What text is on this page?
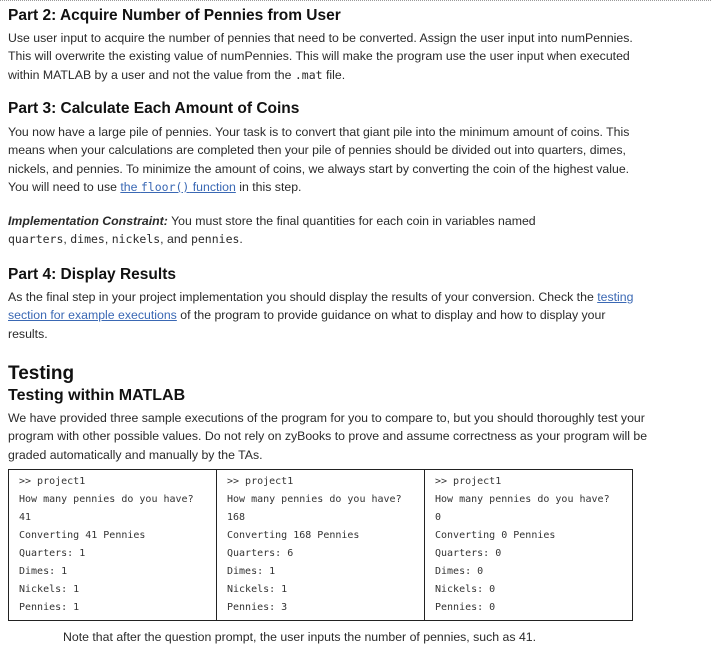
Part 2: Acquire Number of Pennies from User

Use user input to acquire the number of pennies that need to be converted. Assign the user input into numPennies. This will overwrite the existing value of numPennies. This will make the program use the user input when executed within MATLAB by a user and not the value from the .mat file.

Part 3: Calculate Each Amount of Coins

You now have a large pile of pennies. Your task is to convert that giant pile into the minimum amount of coins. This means when your calculations are completed then your pile of pennies should be divided out into quarters, dimes, nickels, and pennies. To minimize the amount of coins, we always start by converting the coin of the highest value. You will need to use the floor() function in this step.

Implementation Constraint: You must store the final quantities for each coin in variables named
quarters, dimes, nickels, and pennies.

Part 4: Display Results

As the final step in your project implementation you should display the results of your conversion. Check the testing section for example executions of the program to provide guidance on what to display and how to display your results.

Testing
Testing within MATLAB

We have provided three sample executions of the program for you to compare to, but you should thoroughly test your program with other possible values. Do not rely on zyBooks to prove and assume correctness as your program will be graded automatically and manually by the TAs.

>> project1
How many pennies do you have?
41
Converting 41 Pennies
Quarters: 1
Dimes: 1
Nickels: 1
Pennies: 1

>> project1
How many pennies do you have?
168
Converting 168 Pennies
Quarters: 6
Dimes: 1
Nickels: 1
Pennies: 3

>> project1
How many pennies do you have?
0
Converting 0 Pennies
Quarters: 0
Dimes: 0
Nickels: 0
Pennies: 0

Note that after the question prompt, the user inputs the number of pennies, such as 41.
